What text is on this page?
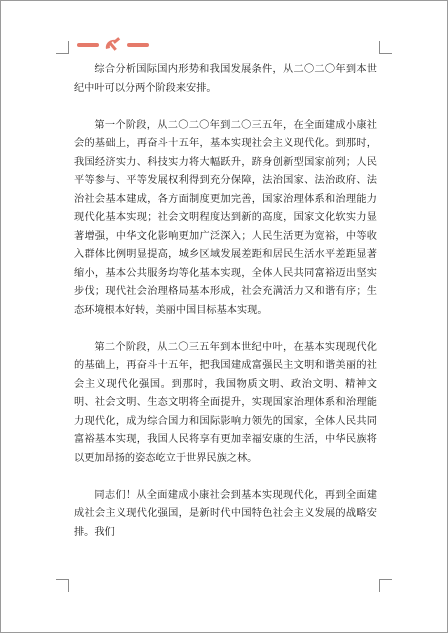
综合分析国际国内形势和我国发展条件，从二〇二〇年到本世纪中叶可以分两个阶段来安排。

第一个阶段，从二〇二〇年到二〇三五年，在全面建成小康社会的基础上，再奋斗十五年，基本实现社会主义现代化。到那时，我国经济实力、科技实力将大幅跃升，跻身创新型国家前列；人民平等参与、平等发展权利得到充分保障，法治国家、法治政府、法治社会基本建成，各方面制度更加完善，国家治理体系和治理能力现代化基本实现；社会文明程度达到新的高度，国家文化软实力显著增强，中华文化影响更加广泛深入；人民生活更为宽裕，中等收入群体比例明显提高，城乡区域发展差距和居民生活水平差距显著缩小，基本公共服务均等化基本实现，全体人民共同富裕迈出坚实步伐；现代社会治理格局基本形成，社会充满活力又和谐有序；生态环境根本好转，美丽中国目标基本实现。

第二个阶段，从二〇三五年到本世纪中叶，在基本实现现代化的基础上，再奋斗十五年，把我国建成富强民主文明和谐美丽的社会主义现代化强国。到那时，我国物质文明、政治文明、精神文明、社会文明、生态文明将全面提升，实现国家治理体系和治理能力现代化，成为综合国力和国际影响力领先的国家，全体人民共同富裕基本实现，我国人民将享有更加幸福安康的生活，中华民族将以更加昂扬的姿态屹立于世界民族之林。

同志们！从全面建成小康社会到基本实现现代化，再到全面建成社会主义现代化强国，是新时代中国特色社会主义发展的战略安排。我们
